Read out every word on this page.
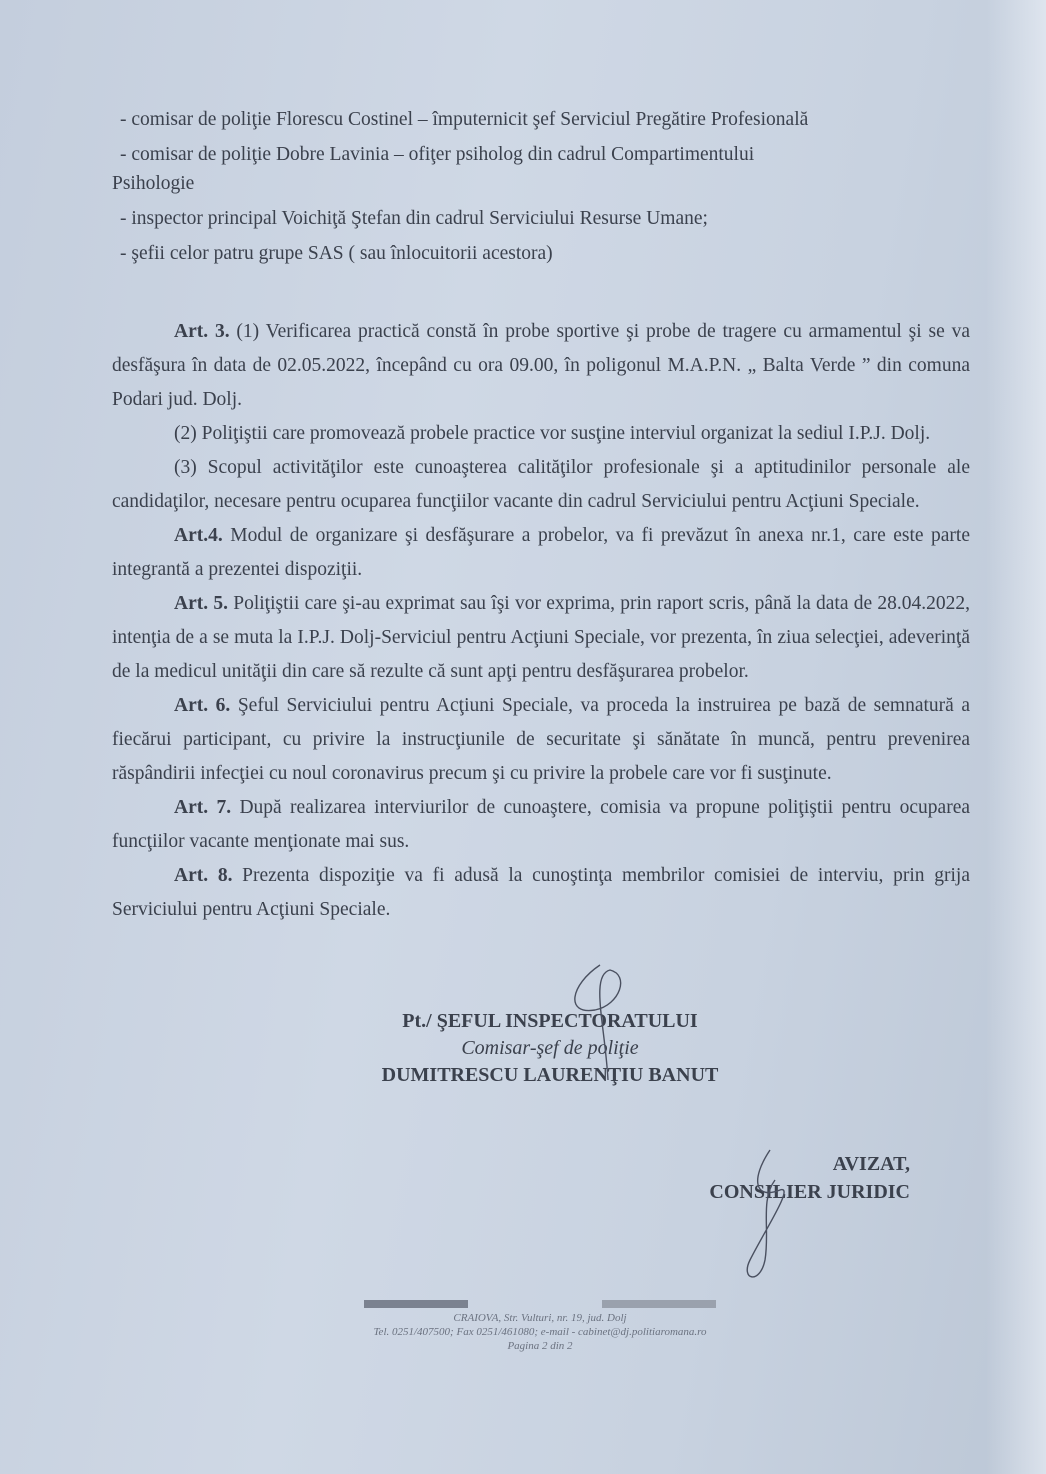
- comisar de poliţie Florescu Costinel – împuternicit şef Serviciul Pregătire Profesională

- comisar de poliţie Dobre Lavinia – ofiţer psiholog din cadrul Compartimentului

Psihologie

- inspector principal Voichiţă Ştefan din cadrul Serviciului Resurse Umane;

- şefii celor patru grupe SAS ( sau înlocuitorii acestora)

Art. 3. (1) Verificarea practică constă în probe sportive şi probe de tragere cu armamentul şi se va desfăşura în data de 02.05.2022, începând cu ora 09.00, în poligonul M.A.P.N. „ Balta Verde ” din comuna Podari jud. Dolj.

(2) Poliţiştii care promovează probele practice vor susţine interviul organizat la sediul I.P.J. Dolj.

(3) Scopul activităţilor este cunoaşterea calităţilor profesionale şi a aptitudinilor personale ale candidaţilor, necesare pentru ocuparea funcţiilor vacante din cadrul Serviciului pentru Acţiuni Speciale.

Art.4. Modul de organizare şi desfăşurare a probelor, va fi prevăzut în anexa nr.1, care este parte integrantă a prezentei dispoziţii.

Art. 5. Poliţiştii care şi-au exprimat sau îşi vor exprima, prin raport scris, până la data de 28.04.2022, intenţia de a se muta la I.P.J. Dolj-Serviciul pentru Acţiuni Speciale, vor prezenta, în ziua selecţiei, adeverinţă de la medicul unităţii din care să rezulte că sunt apţi pentru desfăşurarea probelor.

Art. 6. Şeful Serviciului pentru Acţiuni Speciale, va proceda la instruirea pe bază de semnatură a fiecărui participant, cu privire la instrucţiunile de securitate şi sănătate în muncă, pentru prevenirea răspândirii infecţiei cu noul coronavirus precum şi cu privire la probele care vor fi susţinute.

Art. 7. După realizarea interviurilor de cunoaştere, comisia va propune poliţiştii pentru ocuparea funcţiilor vacante menţionate mai sus.

Art. 8. Prezenta dispoziţie va fi adusă la cunoştinţa membrilor comisiei de interviu, prin grija Serviciului pentru Acţiuni Speciale.

Pt./ ŞEFUL INSPECTORATULUI
Comisar-şef de poliţie
DUMITRESCU LAURENŢIU BANUT
AVIZAT,
CONSILIER JURIDIC
CRAIOVA, Str. Vulturi, nr. 19, jud. Dolj
Tel. 0251/407500; Fax 0251/461080; e-mail - cabinet@dj.politiaromana.ro
Pagina 2 din 2
